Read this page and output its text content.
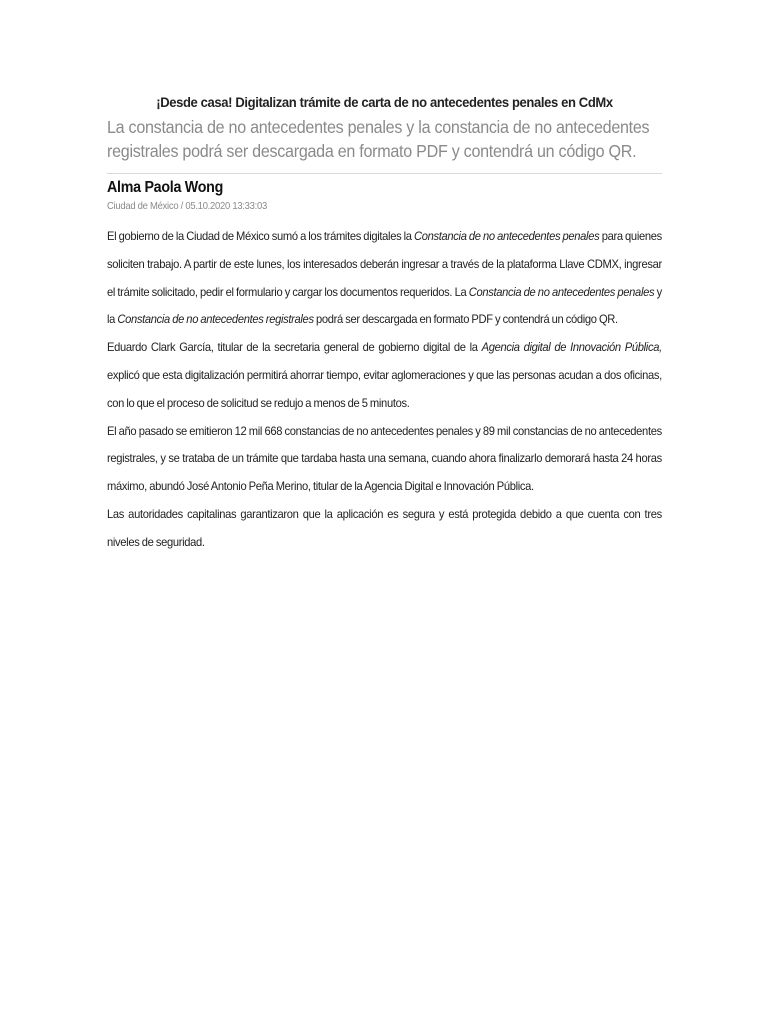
¡Desde casa! Digitalizan trámite de carta de no antecedentes penales en CdMx

La constancia de no antecedentes penales y la constancia de no antecedentes registrales podrá ser descargada en formato PDF y contendrá un código QR.

Alma Paola Wong
Ciudad de México / 05.10.2020 13:33:03

El gobierno de la Ciudad de México sumó a los trámites digitales la Constancia de no antecedentes penales para quienes soliciten trabajo. A partir de este lunes, los interesados deberán ingresar a través de la plataforma Llave CDMX, ingresar el trámite solicitado, pedir el formulario y cargar los documentos requeridos. La Constancia de no antecedentes penales y la Constancia de no antecedentes registrales podrá ser descargada en formato PDF y contendrá un código QR.

Eduardo Clark García, titular de la secretaria general de gobierno digital de la Agencia digital de Innovación Pública, explicó que esta digitalización permitirá ahorrar tiempo, evitar aglomeraciones y que las personas acudan a dos oficinas, con lo que el proceso de solicitud se redujo a menos de 5 minutos.

El año pasado se emitieron 12 mil 668 constancias de no antecedentes penales y 89 mil constancias de no antecedentes registrales, y se trataba de un trámite que tardaba hasta una semana, cuando ahora finalizarlo demorará hasta 24 horas máximo, abundó José Antonio Peña Merino, titular de la Agencia Digital e Innovación Pública.

Las autoridades capitalinas garantizaron que la aplicación es segura y está protegida debido a que cuenta con tres niveles de seguridad.
